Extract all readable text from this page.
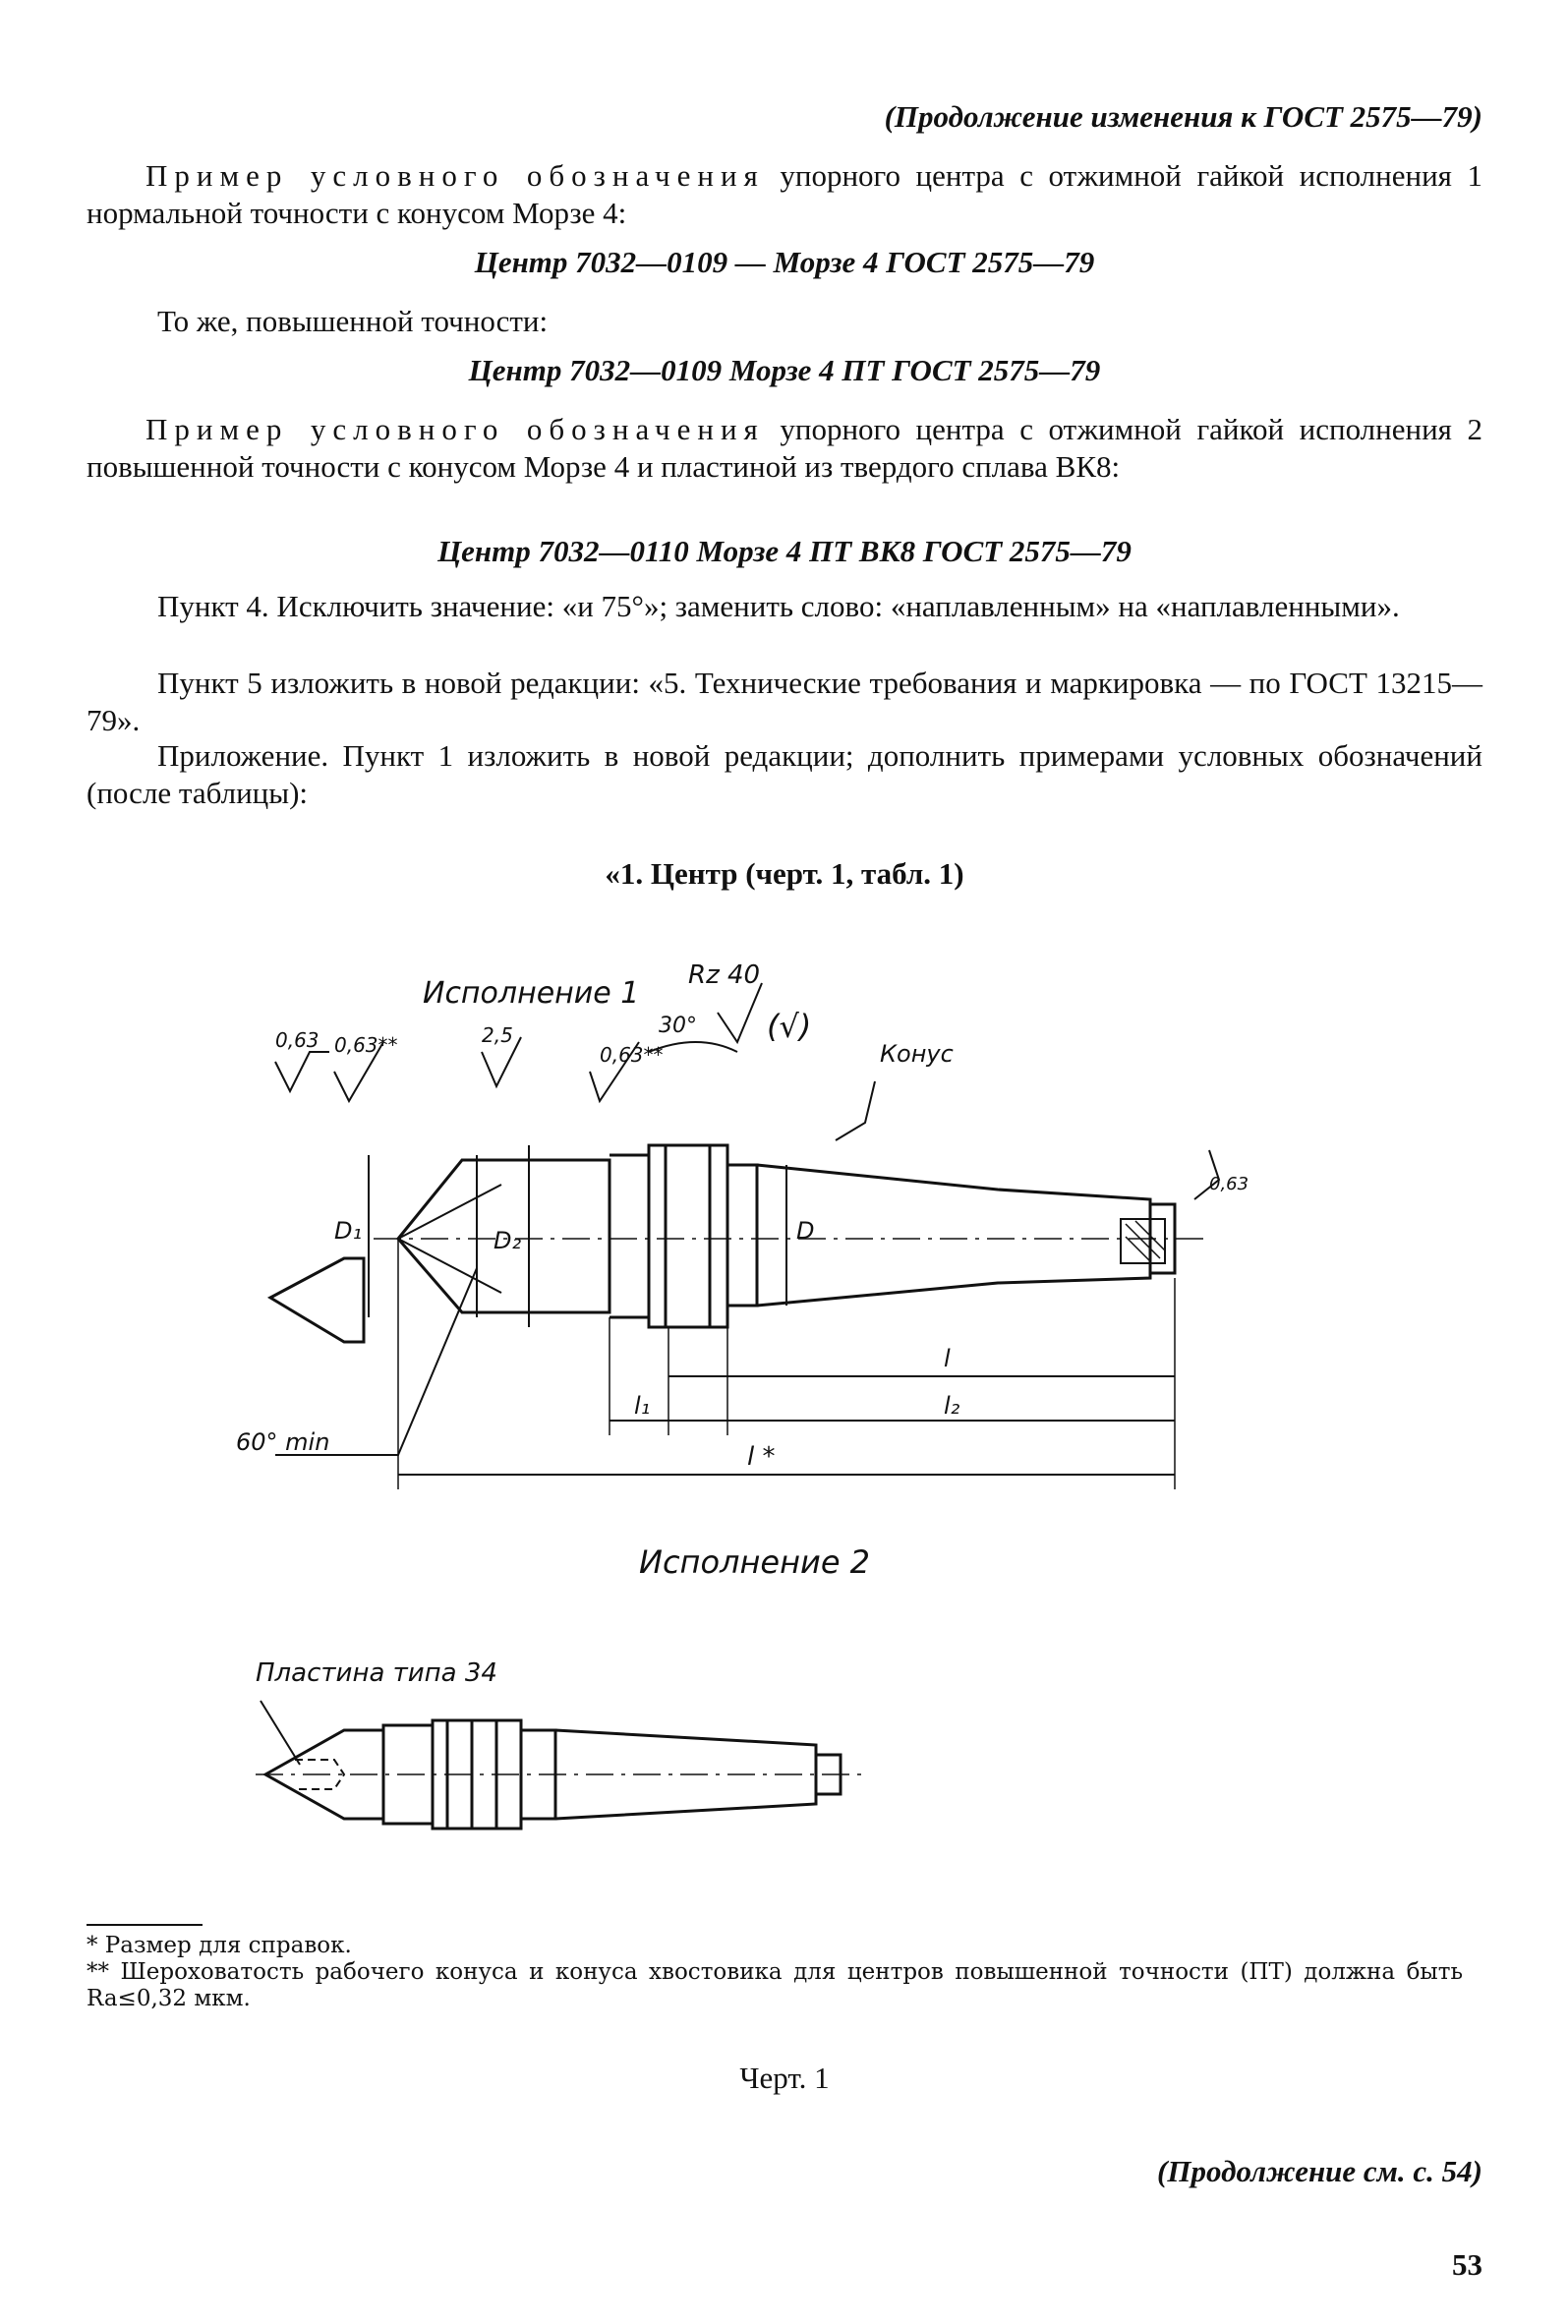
(Продолжение изменения к ГОСТ 2575—79)
Пример условного обозначения упорного центра с отжимной гайкой исполнения 1 нормальной точности с конусом Морзе 4:
Центр 7032—0109 — Морзе 4 ГОСТ 2575—79
То же, повышенной точности:
Центр 7032—0109 Морзе 4 ПТ ГОСТ 2575—79
Пример условного обозначения упорного центра с отжимной гайкой исполнения 2 повышенной точности с конусом Морзе 4 и пластиной из твердого сплава ВК8:
Центр 7032—0110 Морзе 4 ПТ ВК8 ГОСТ 2575—79
Пункт 4. Исключить значение: «и 75°»; заменить слово: «наплавленным» на «наплавленными».
Пункт 5 изложить в новой редакции: «5. Технические требования и маркировка — по ГОСТ 13215—79».
Приложение. Пункт 1 изложить в новой редакции; дополнить примерами условных обозначений (после таблицы):
«1. Центр (черт. 1, табл. 1)
Исполнение 1
Rz 40
(√)
30°
0,63 0,63**	2,5
0,63**	Конус
0,63
D₁	D₂	D
60° min
l
l₁	l₂
l *
Исполнение 2
Пластина типа 34
* Размер для справок.
** Шероховатость рабочего конуса и конуса хвостовика для центров повышенной точности (ПТ) должна быть Ra≤0,32 мкм.
Черт. 1
(Продолжение см. с. 54)
53
